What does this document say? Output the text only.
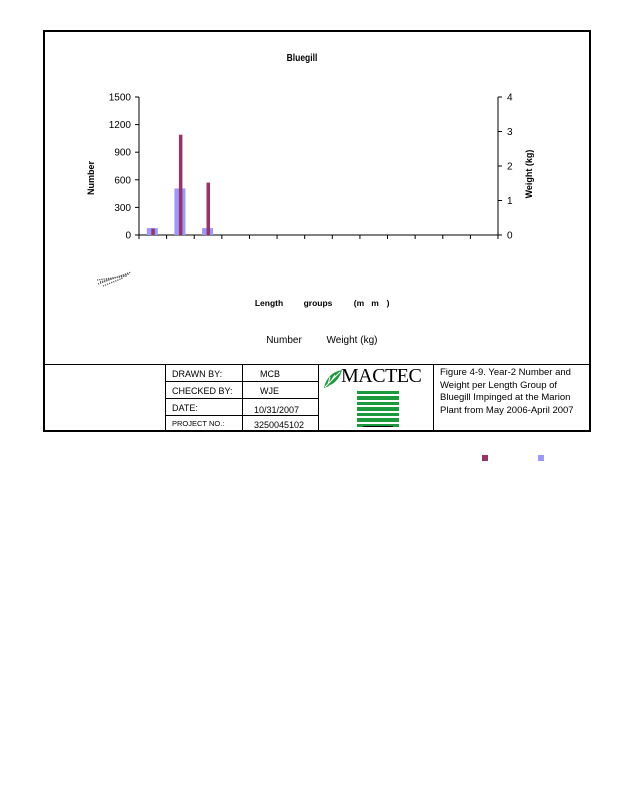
Bluegill
0
300
600
900
1200
1500
0
1
2
3
4
Number	Weight (kg)
Length groups	(m m )
Number Weight (kg)
DRAWN BY:	MCB
CHECKED BY:	WJE
DATE:	10/31/2007
PROJECT NO.:	3250045102
MACTEC Figure 4-9. Year-2 Number and Weight per Length Group of Bluegill Impinged at the Marion Plant from May 2006-April 2007
